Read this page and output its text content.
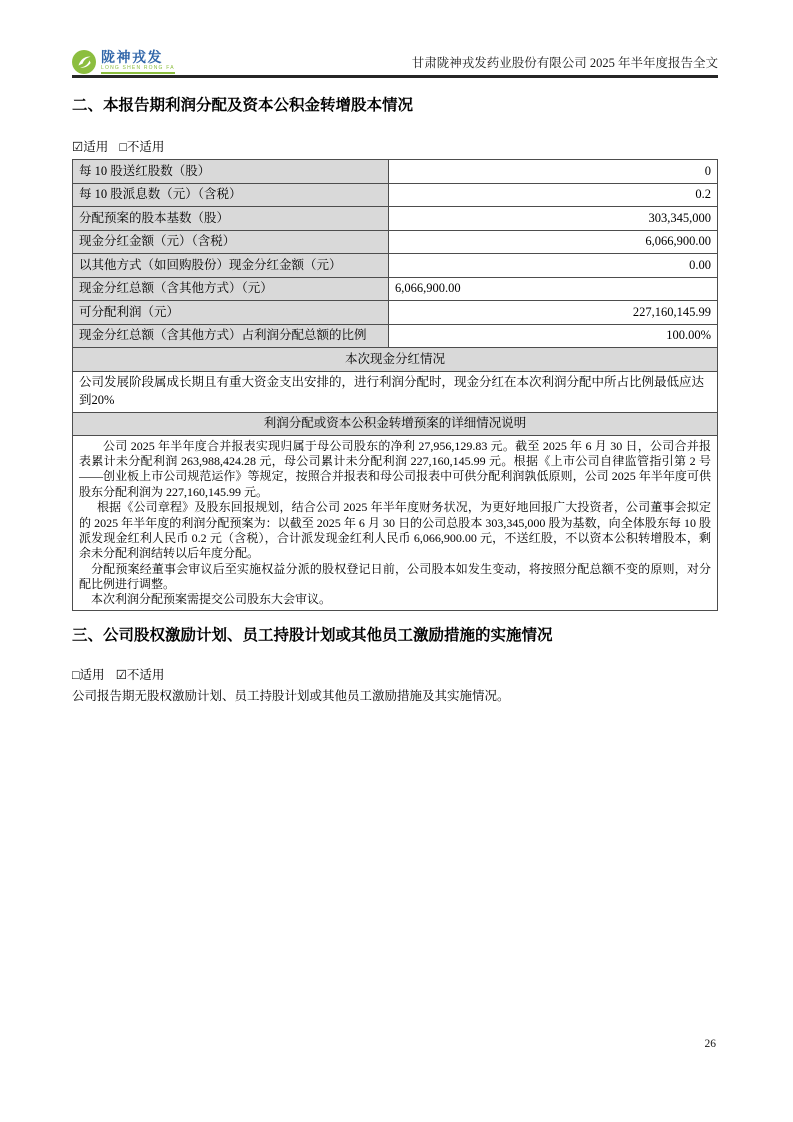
陇神戎发
LONG SHEN RONG FA	甘肃陇神戎发药业股份有限公司 2025 年半年度报告全文
二、本报告期利润分配及资本公积金转增股本情况
☑适用 □不适用
每 10 股送红股数（股）	0
每 10 股派息数（元）（含税）	0.2
分配预案的股本基数（股）	303,345,000
现金分红金额（元）（含税）	6,066,900.00
以其他方式（如回购股份）现金分红金额（元）	0.00
现金分红总额（含其他方式）（元）	6,066,900.00
可分配利润（元）	227,160,145.99
现金分红总额（含其他方式）占利润分配总额的比例	100.00%
本次现金分红情况	
公司发展阶段属成长期且有重大资金支出安排的，进行利润分配时，现金分红在本次利润分配中所占比例最低应达到20%	
利润分配或资本公积金转增预案的详细情况说明	

公司 2025 年半年度合并报表实现归属于母公司股东的净利 27,956,129.83 元。截至 2025 年 6 月 30 日，公司合并报表累计未分配利润 263,988,424.28 元，母公司累计未分配利润 227,160,145.99 元。根据《上市公司自律监管指引第 2 号——创业板上市公司规范运作》等规定，按照合并报表和母公司报表中可供分配利润孰低原则，公司 2025 年半年度可供股东分配利润为 227,160,145.99 元。

根据《公司章程》及股东回报规划，结合公司 2025 年半年度财务状况，为更好地回报广大投资者，公司董事会拟定的 2025 年半年度的利润分配预案为：以截至 2025 年 6 月 30 日的公司总股本 303,345,000 股为基数，向全体股东每 10 股派发现金红利人民币 0.2 元（含税），合计派发现金红利人民币 6,066,900.00 元，不送红股，不以资本公积转增股本，剩余未分配利润结转以后年度分配。

分配预案经董事会审议后至实施权益分派的股权登记日前，公司股本如发生变动，将按照分配总额不变的原则，对分配比例进行调整。

本次利润分配预案需提交公司股东大会审议。	

三、公司股权激励计划、员工持股计划或其他员工激励措施的实施情况
□适用 ☑不适用
公司报告期无股权激励计划、员工持股计划或其他员工激励措施及其实施情况。
26
